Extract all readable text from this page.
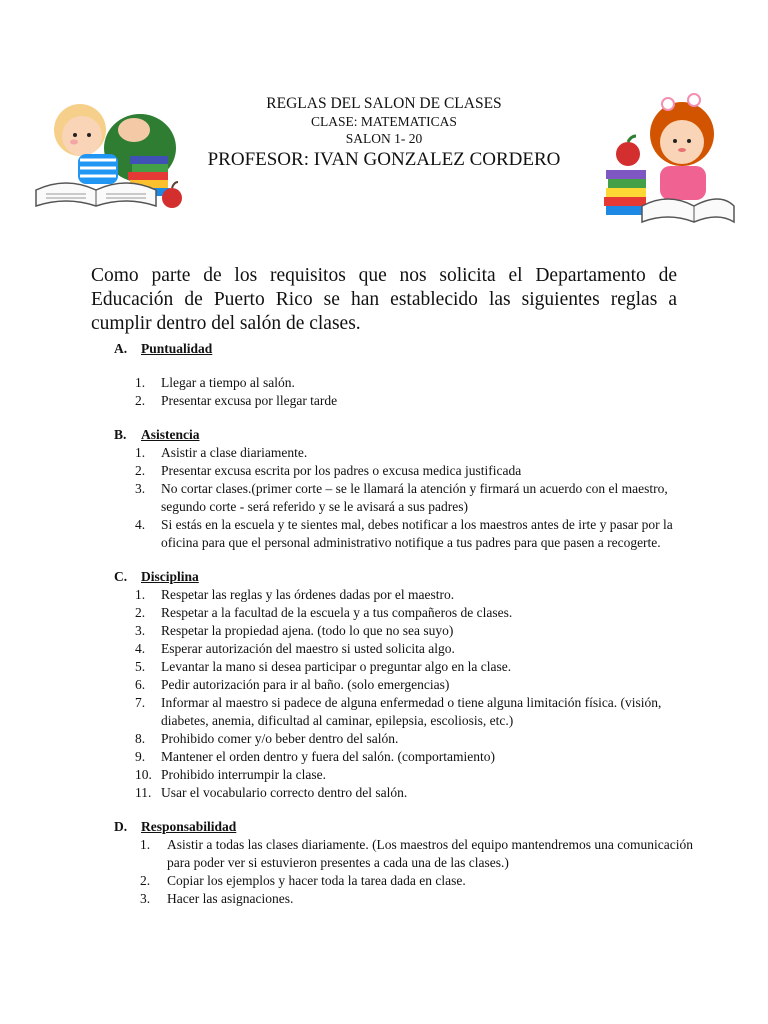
REGLAS DEL SALON DE CLASES
CLASE: MATEMATICAS
SALON 1- 20
PROFESOR: IVAN GONZALEZ CORDERO

Como parte de los requisitos que nos solicita el Departamento de Educación de Puerto Rico se han establecido las siguientes reglas a cumplir dentro del salón de clases.

A.	Puntualidad
1. Llegar a tiempo al salón.
2. Presentar excusa por llegar tarde
B.	Asistencia
1. Asistir a clase diariamente.
2. Presentar excusa escrita por los padres o excusa medica justificada
3. No cortar clases.(primer corte – se le llamará la atención y firmará un acuerdo con el maestro, segundo corte - será referido y se le avisará a sus padres)
4. Si estás en la escuela y te sientes mal, debes notificar a los maestros antes de irte y pasar por la oficina para que el personal administrativo notifique a tus padres para que pasen a recogerte.
C.	Disciplina
1. Respetar las reglas y las órdenes dadas por el maestro.
2. Respetar a la facultad de la escuela y a tus compañeros de clases.
3. Respetar la propiedad ajena. (todo lo que no sea suyo)
4. Esperar autorización del maestro si usted solicita algo.
5. Levantar la mano si desea participar o preguntar algo en la clase.
6. Pedir autorización para ir al baño. (solo emergencias)
7. Informar al maestro si padece de alguna enfermedad o tiene alguna limitación física. (visión, diabetes, anemia, dificultad al caminar, epilepsia, escoliosis, etc.)
8. Prohibido comer y/o beber dentro del salón.
9. Mantener el orden dentro y fuera del salón. (comportamiento)
10. Prohibido interrumpir la clase.
11. Usar el vocabulario correcto dentro del salón.
D.	Responsabilidad
1. Asistir a todas las clases diariamente. (Los maestros del equipo mantendremos una comunicación para poder ver si estuvieron presentes a cada una de las clases.)
2. Copiar los ejemplos y hacer toda la tarea dada en clase.
3. Hacer las asignaciones.
